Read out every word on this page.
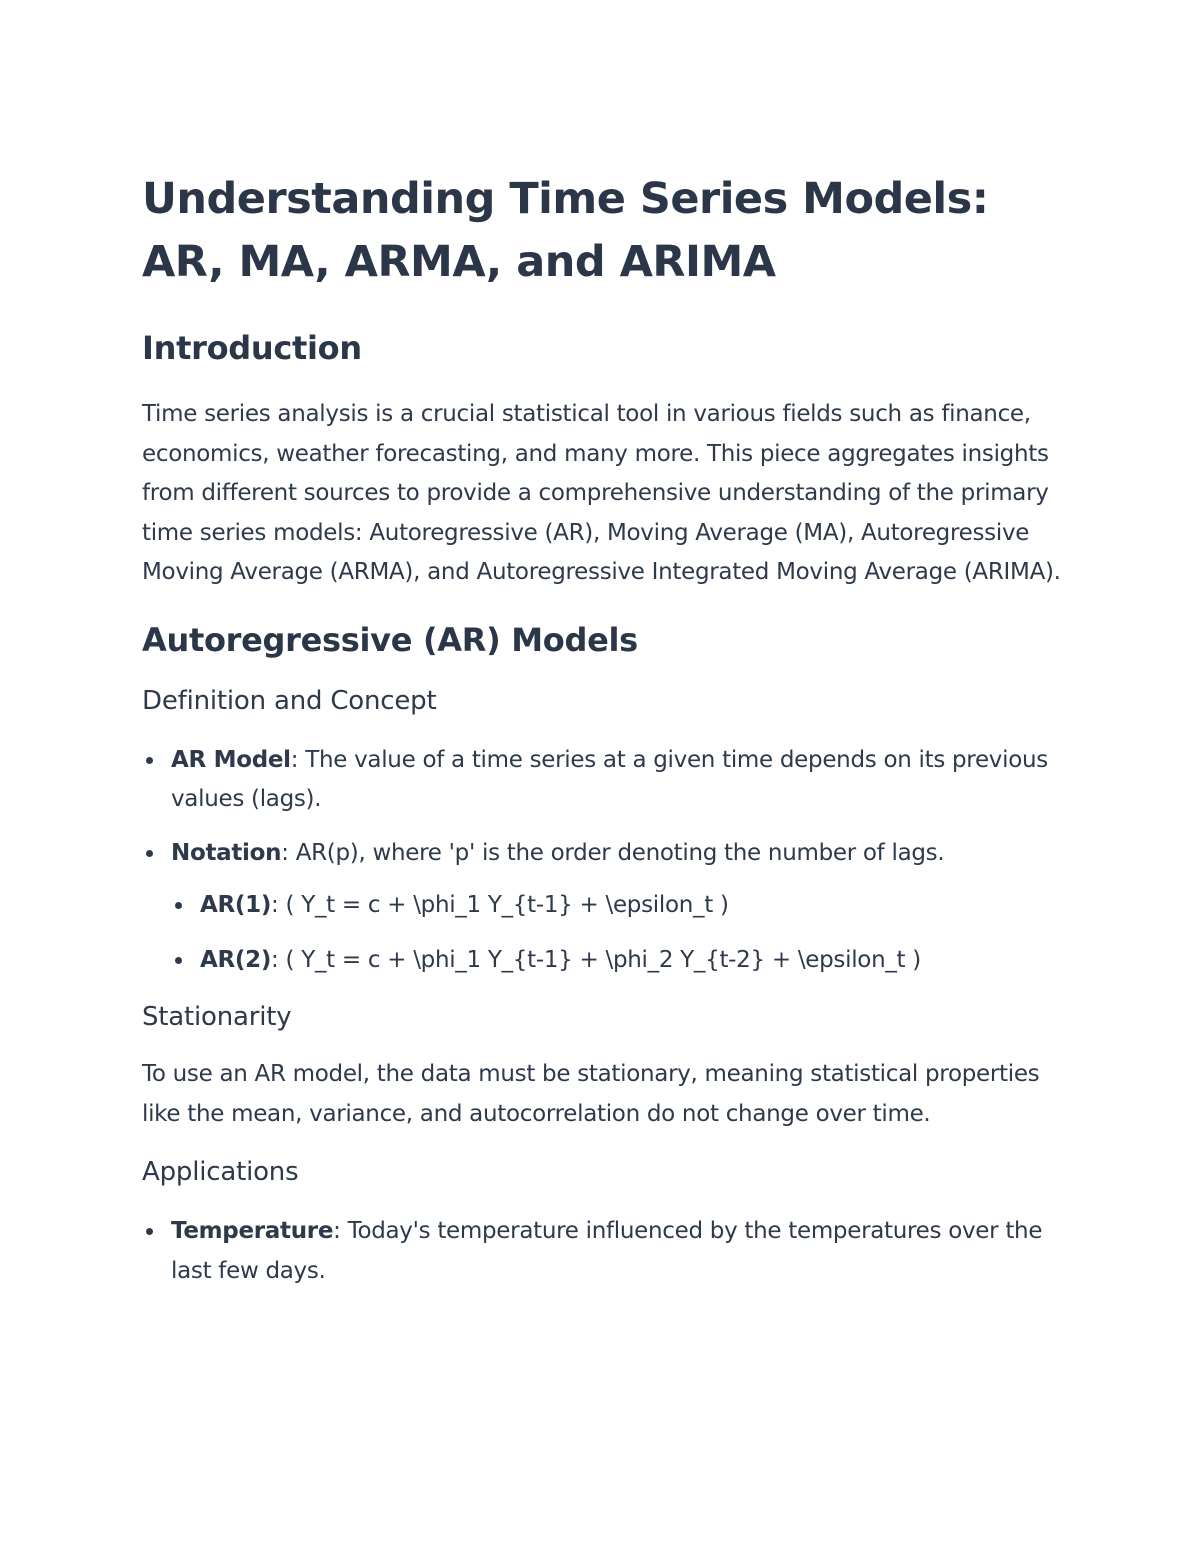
Understanding Time Series Models: AR, MA, ARMA, and ARIMA
Introduction

Time series analysis is a crucial statistical tool in various fields such as finance, economics, weather forecasting, and many more. This piece aggregates insights from different sources to provide a comprehensive understanding of the primary time series models: Autoregressive (AR), Moving Average (MA), Autoregressive Moving Average (ARMA), and Autoregressive Integrated Moving Average (ARIMA).

Autoregressive (AR) Models
Definition and Concept
AR Model: The value of a time series at a given time depends on its previous values (lags).
Notation: AR(p), where 'p' is the order denoting the number of lags.
AR(1): ( Y_t = c + \phi_1 Y_{t-1} + \epsilon_t )
AR(2): ( Y_t = c + \phi_1 Y_{t-1} + \phi_2 Y_{t-2} + \epsilon_t )
Stationarity

To use an AR model, the data must be stationary, meaning statistical properties like the mean, variance, and autocorrelation do not change over time.

Applications
Temperature: Today's temperature influenced by the temperatures over the last few days.
